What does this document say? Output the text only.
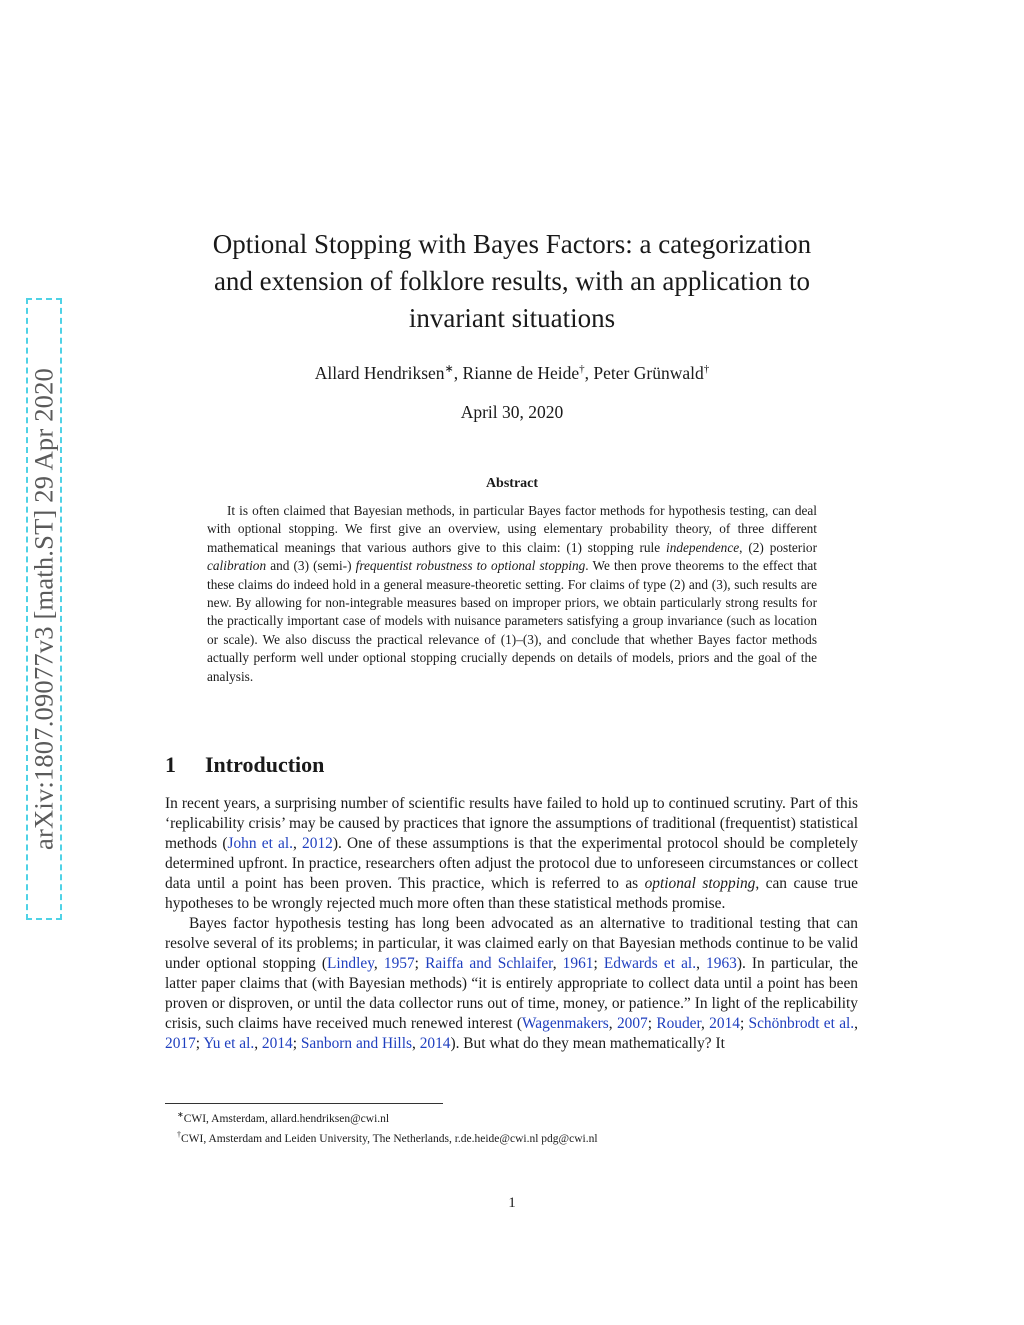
arXiv:1807.09077v3 [math.ST] 29 Apr 2020
Optional Stopping with Bayes Factors: a categorization
and extension of folklore results, with an application to
invariant situations
Allard Hendriksen∗, Rianne de Heide†, Peter Grünwald†
April 30, 2020
Abstract

It is often claimed that Bayesian methods, in particular Bayes factor methods for hypothesis testing, can deal with optional stopping. We first give an overview, using elementary probability theory, of three different mathematical meanings that various authors give to this claim: (1) stopping rule independence, (2) posterior calibration and (3) (semi-) frequentist robustness to optional stopping. We then prove theorems to the effect that these claims do indeed hold in a general measure-theoretic setting. For claims of type (2) and (3), such results are new. By allowing for non-integrable measures based on improper priors, we obtain particularly strong results for the practically important case of models with nuisance parameters satisfying a group invariance (such as location or scale). We also discuss the practical relevance of (1)–(3), and conclude that whether Bayes factor methods actually perform well under optional stopping crucially depends on details of models, priors and the goal of the analysis.

1 Introduction

In recent years, a surprising number of scientific results have failed to hold up to continued scrutiny. Part of this ‘replicability crisis’ may be caused by practices that ignore the assumptions of traditional (frequentist) statistical methods (John et al., 2012). One of these assumptions is that the experimental protocol should be completely determined upfront. In practice, researchers often adjust the protocol due to unforeseen circumstances or collect data until a point has been proven. This practice, which is referred to as optional stopping, can cause true hypotheses to be wrongly rejected much more often than these statistical methods promise.

Bayes factor hypothesis testing has long been advocated as an alternative to traditional testing that can resolve several of its problems; in particular, it was claimed early on that Bayesian methods continue to be valid under optional stopping (Lindley, 1957; Raiffa and Schlaifer, 1961; Edwards et al., 1963). In particular, the latter paper claims that (with Bayesian methods) “it is entirely appropriate to collect data until a point has been proven or disproven, or until the data collector runs out of time, money, or patience.” In light of the replicability crisis, such claims have received much renewed interest (Wagenmakers, 2007; Rouder, 2014; Schönbrodt et al., 2017; Yu et al., 2014; Sanborn and Hills, 2014). But what do they mean mathematically? It

∗CWI, Amsterdam, allard.hendriksen@cwi.nl
†CWI, Amsterdam and Leiden University, The Netherlands, r.de.heide@cwi.nl pdg@cwi.nl
1
